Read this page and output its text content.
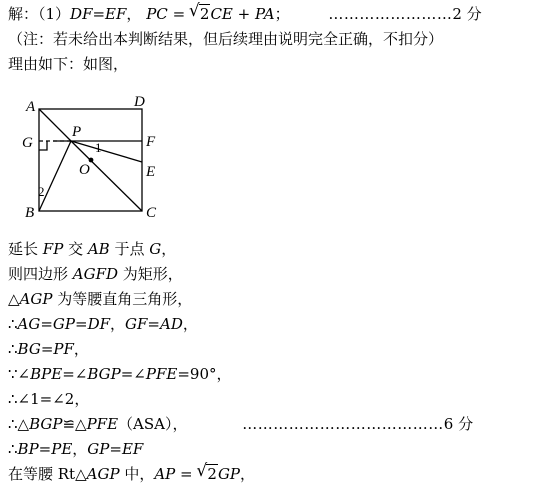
解：（1）DF=EF， PC = √ 2CE + PA；	……………………2 分
（注：若未给出本判断结果，但后续理由说明完全正确，不扣分）
理由如下：如图，
A	D
G
P
F
O	E
B	C
1
2
延长 FP 交 AB 于点 G，
则四边形 AGFD 为矩形，
△AGP 为等腰直角三角形，
∴AG=GP=DF，GF=AD，
∴BG=PF，
∵∠BPE=∠BGP=∠PFE=90°，
∴∠1=∠2，
∴△BGP≌△PFE（ASA），	…………………………………6 分
∴BP=PE，GP=EF
在等腰 Rt△AGP 中，AP = √ 2GP，
